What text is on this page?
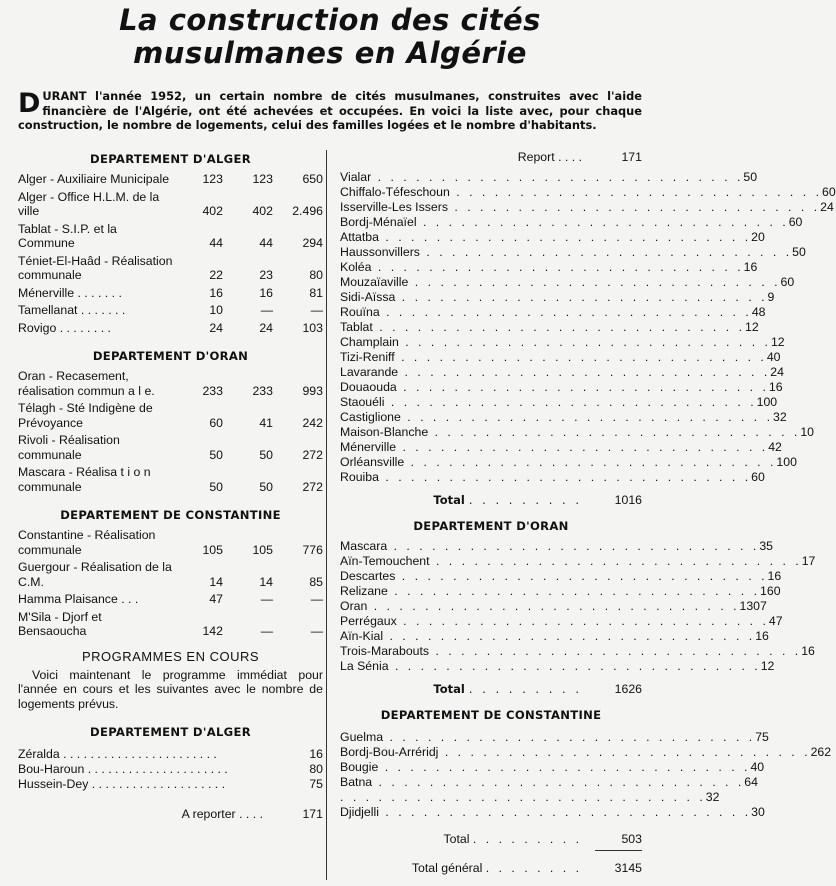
La construction des cités
musulmanes en Algérie
DURANT l'année 1952, un certain nombre de cités musulmanes, construites avec l'aide financière de l'Algérie, ont été achevées et occupées. En voici la liste avec, pour chaque construction, le nombre de logements, celui des familles logées et le nombre d'habitants.
DEPARTEMENT D'ALGER
Alger - Auxiliaire Municipale	123	123	650
Alger - Office H.L.M. de la ville	402	402	2.496
Tablat - S.I.P. et la Commune	44	44	294
Téniet-El-Haâd - Réalisation communale	22	23	80
Ménerville . . . . . . .	16	16	81
Tamellanat . . . . . . .	10	—	—
Rovigo . . . . . . . .	24	24	103
DEPARTEMENT D'ORAN
Oran - Recasement, réalisation commun a l e.	233	233	993
Télagh - Sté Indigène de Prévoyance	60	41	242
Rivoli - Réalisation communale	50	50	272
Mascara - Réalisa t i o n communale	50	50	272
DEPARTEMENT DE CONSTANTINE
Constantine - Réalisation communale	105	105	776
Guergour - Réalisation de la C.M.	14	14	85
Hamma Plaisance . . .	47	—	—
M'Sila - Djorf et Bensaoucha	142	—	—
PROGRAMMES EN COURS
Voici maintenant le programme immédiat pour l'année en cours et les suivantes avec le nombre de logements prévus.
DEPARTEMENT D'ALGER
Zéralda . . . . . . . . . . . . . . . . . . . . . . .	16
Bou-Haroun . . . . . . . . . . . . . . . . . . . . .	80
Hussein-Dey . . . . . . . . . . . . . . . . . . . .	75
A reporter . . . .	171
Report . . . .	171
Vialar . . . . . . . . . . . . . . . . . . . . . . . . . . . . . 50
Chiffalo-Téfeschoun . . . . . . . . . . . . . . . . . . . . . . . . . . . . . 60
Isserville-Les Issers . . . . . . . . . . . . . . . . . . . . . . . . . . . . . 24
Bordj-Ménaïel . . . . . . . . . . . . . . . . . . . . . . . . . . . . . 60
Attatba . . . . . . . . . . . . . . . . . . . . . . . . . . . . . 20
Haussonvillers . . . . . . . . . . . . . . . . . . . . . . . . . . . . . 50
Koléa . . . . . . . . . . . . . . . . . . . . . . . . . . . . . 16
Mouzaïaville . . . . . . . . . . . . . . . . . . . . . . . . . . . . . 60
Sidi-Aïssa . . . . . . . . . . . . . . . . . . . . . . . . . . . . . 9
Rouïna . . . . . . . . . . . . . . . . . . . . . . . . . . . . . 48
Tablat . . . . . . . . . . . . . . . . . . . . . . . . . . . . . 12
Champlain . . . . . . . . . . . . . . . . . . . . . . . . . . . . . 12
Tizi-Reniff . . . . . . . . . . . . . . . . . . . . . . . . . . . . . 40
Lavarande . . . . . . . . . . . . . . . . . . . . . . . . . . . . . 24
Douaouda . . . . . . . . . . . . . . . . . . . . . . . . . . . . . 16
Staouéli . . . . . . . . . . . . . . . . . . . . . . . . . . . . . 100
Castiglione . . . . . . . . . . . . . . . . . . . . . . . . . . . . . 32
Maison-Blanche . . . . . . . . . . . . . . . . . . . . . . . . . . . . . 10
Ménerville . . . . . . . . . . . . . . . . . . . . . . . . . . . . . 42
Orléansville . . . . . . . . . . . . . . . . . . . . . . . . . . . . . 100
Rouiba . . . . . . . . . . . . . . . . . . . . . . . . . . . . . 60
Total . . . . . . . . .	1016
DEPARTEMENT D'ORAN
Mascara . . . . . . . . . . . . . . . . . . . . . . . . . . . . . 35
Aïn-Temouchent . . . . . . . . . . . . . . . . . . . . . . . . . . . . . 17
Descartes . . . . . . . . . . . . . . . . . . . . . . . . . . . . . 16
Relizane . . . . . . . . . . . . . . . . . . . . . . . . . . . . . 160
Oran . . . . . . . . . . . . . . . . . . . . . . . . . . . . . 1307
Perrégaux . . . . . . . . . . . . . . . . . . . . . . . . . . . . . 47
Aïn-Kial . . . . . . . . . . . . . . . . . . . . . . . . . . . . . 16
Trois-Marabouts . . . . . . . . . . . . . . . . . . . . . . . . . . . . . 16
La Sénia . . . . . . . . . . . . . . . . . . . . . . . . . . . . . 12
Total . . . . . . . . .	1626
DEPARTEMENT DE CONSTANTINE
Guelma . . . . . . . . . . . . . . . . . . . . . . . . . . . . . 75
Bordj-Bou-Arréridj . . . . . . . . . . . . . . . . . . . . . . . . . . . . . 262
Bougie . . . . . . . . . . . . . . . . . . . . . . . . . . . . . 40
Batna . . . . . . . . . . . . . . . . . . . . . . . . . . . . . 64
. . . . . . . . . . . . . . . . . . . . . . . . . . . . . 32
Djidjelli . . . . . . . . . . . . . . . . . . . . . . . . . . . . . 30
Total . . . . . . . . .	503
Total général . . . . . . . .	3145
